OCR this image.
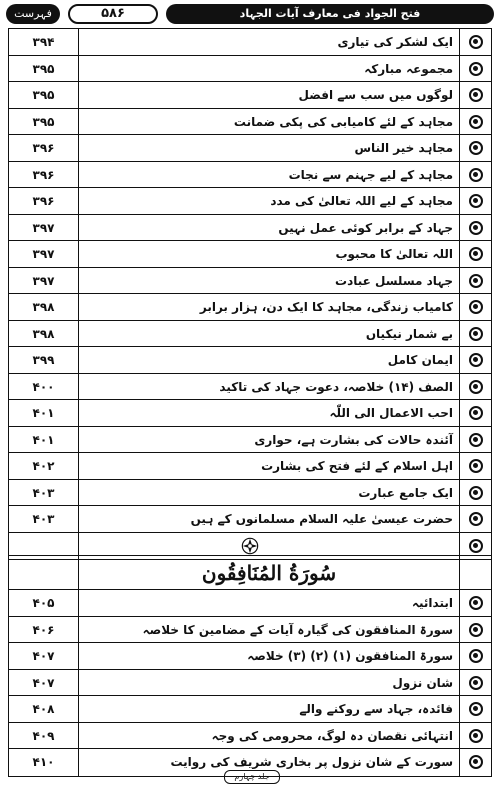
فہرست	۵۸۶	فتح الجواد فی معارف آیات الجہاد
۳۹۴	ایک لشکر کی تیاری
۳۹۵	مجموعہ مبارکہ
۳۹۵	لوگوں میں سب سے افضل
۳۹۵	مجاہد کے لئے کامیابی کی پکی ضمانت
۳۹۶	مجاہد خیر الناس
۳۹۶	مجاہد کے لیے جہنم سے نجات
۳۹۶	مجاہد کے لیے اللہ تعالیٰ کی مدد
۳۹۷	جہاد کے برابر کوئی عمل نہیں
۳۹۷	اللہ تعالیٰ کا محبوب
۳۹۷	جہاد مسلسل عبادت
۳۹۸	کامیاب زندگی، مجاہد کا ایک دن، ہزار برابر
۳۹۸	بے شمار نیکیاں
۳۹۹	ایمان کامل
۴۰۰	الصف (۱۴) خلاصہ، دعوت جہاد کی تاکید
۴۰۱	احب الاعمال الی اللّٰہ
۴۰۱	آئندہ حالات کی بشارت ہے، حواری
۴۰۲	اہل اسلام کے لئے فتح کی بشارت
۴۰۳	ایک جامع عبارت
۴۰۳	حضرت عیسیٰ علیہ السلام مسلمانوں کے ہیں
سُورَةُ المُنَافِقُون
۴۰۵	ابتدائیہ
۴۰۶	سورۃ المنافقون کی گیارہ آیات کے مضامین کا خلاصہ
۴۰۷	سورۃ المنافقون (۱) (۲) (۳) خلاصہ
۴۰۷	شان نزول
۴۰۸	فائدہ، جہاد سے روکنے والے
۴۰۹	انتہائی نقصان دہ لوگ، محرومی کی وجہ
۴۱۰	سورت کے شان نزول پر بخاری شریف کی روایت
جلد چہارم
